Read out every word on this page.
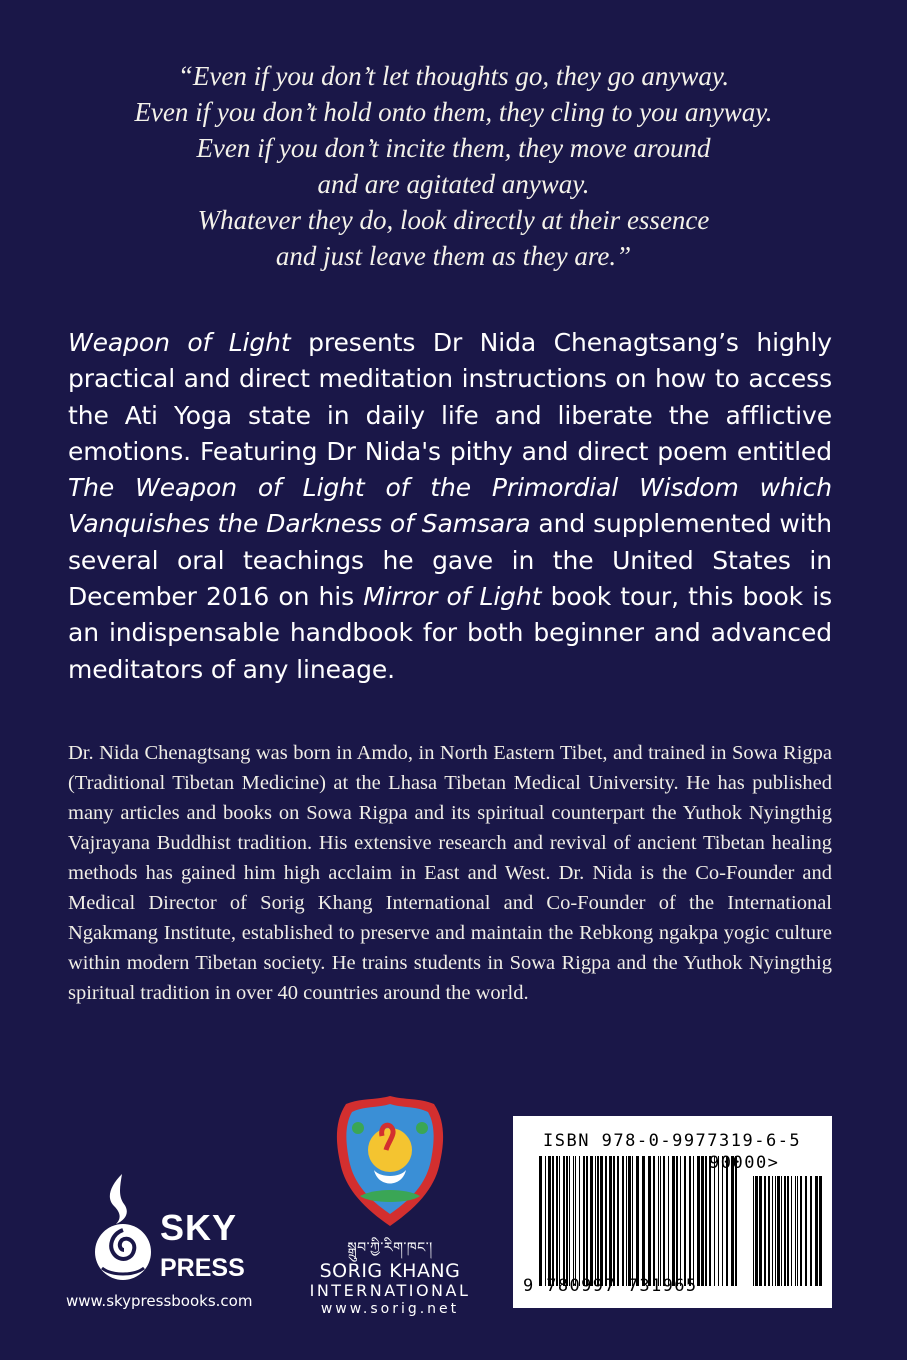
“Even if you don’t let thoughts go, they go anyway.
Even if you don’t hold onto them, they cling to you anyway.
Even if you don’t incite them, they move around
and are agitated anyway.
Whatever they do, look directly at their essence
and just leave them as they are.”
Weapon of Light presents Dr Nida Chenagtsang’s highly practical and direct meditation instructions on how to access the Ati Yoga state in daily life and liberate the afflictive emotions. Featuring Dr Nida's pithy and direct poem entitled The Weapon of Light of the Primordial Wisdom which Vanquishes the Darkness of Samsara and supplemented with several oral teachings he gave in the United States in December 2016 on his Mirror of Light book tour, this book is an indispensable handbook for both beginner and advanced meditators of any lineage.
Dr. Nida Chenagtsang was born in Amdo, in North Eastern Tibet, and trained in Sowa Rigpa (Traditional Tibetan Medicine) at the Lhasa Tibetan Medical University. He has published many articles and books on Sowa Rigpa and its spiritual counterpart the Yuthok Nyingthig Vajrayana Buddhist tradition. His extensive research and revival of ancient Tibetan healing methods has gained him high acclaim in East and West. Dr. Nida is the Co-Founder and Medical Director of Sorig Khang International and Co-Founder of the International Ngakmang Institute, established to preserve and maintain the Rebkong ngakpa yogic culture within modern Tibetan society. He trains students in Sowa Rigpa and the Yuthok Nyingthig spiritual tradition in over 40 countries around the world.
SKY
PRESS
www.skypressbooks.com
སྒྲུབ་ཀྱི་རིག་ཁང་།
SORIG KHANG
INTERNATIONAL
www.sorig.net
ISBN 978-0-9977319-6-5
90000>
9 780997 731965
